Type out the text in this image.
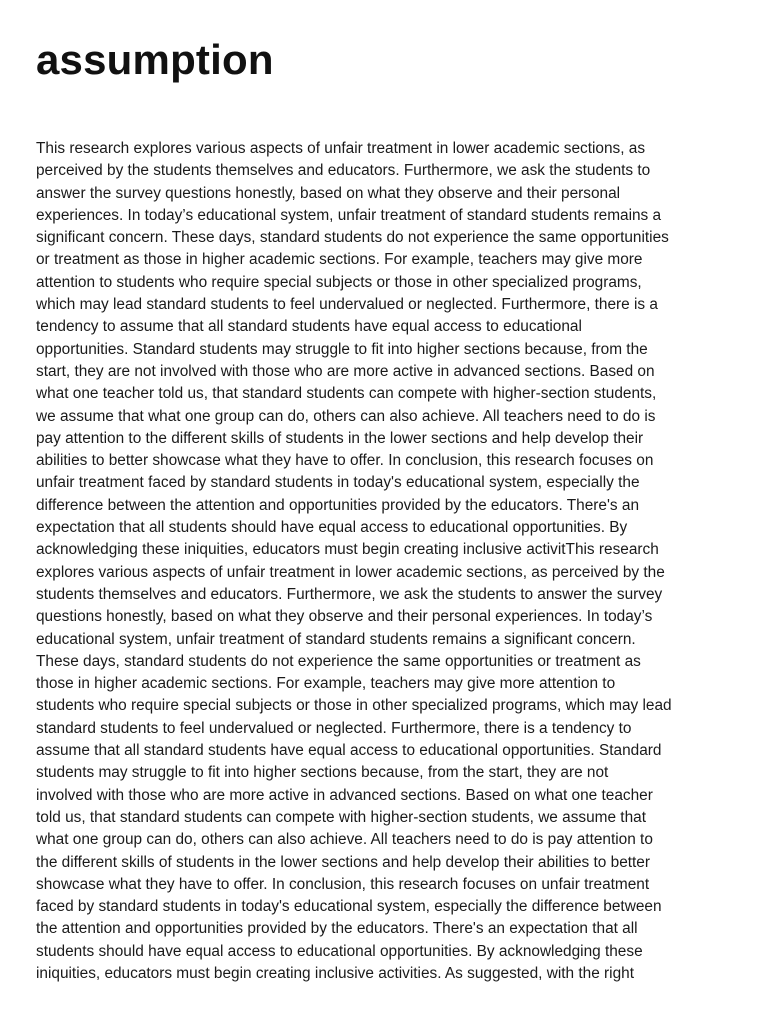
assumption
This research explores various aspects of unfair treatment in lower academic sections, as
perceived by the students themselves and educators. Furthermore, we ask the students to
answer the survey questions honestly, based on what they observe and their personal
experiences. In today’s educational system, unfair treatment of standard students remains a
significant concern. These days, standard students do not experience the same opportunities
or treatment as those in higher academic sections. For example, teachers may give more
attention to students who require special subjects or those in other specialized programs,
which may lead standard students to feel undervalued or neglected. Furthermore, there is a
tendency to assume that all standard students have equal access to educational
opportunities. Standard students may struggle to fit into higher sections because, from the
start, they are not involved with those who are more active in advanced sections. Based on
what one teacher told us, that standard students can compete with higher-section students,
we assume that what one group can do, others can also achieve. All teachers need to do is
pay attention to the different skills of students in the lower sections and help develop their
abilities to better showcase what they have to offer. In conclusion, this research focuses on
unfair treatment faced by standard students in today's educational system, especially the
difference between the attention and opportunities provided by the educators. There's an
expectation that all students should have equal access to educational opportunities. By
acknowledging these iniquities, educators must begin creating inclusive activitThis research
explores various aspects of unfair treatment in lower academic sections, as perceived by the
students themselves and educators. Furthermore, we ask the students to answer the survey
questions honestly, based on what they observe and their personal experiences. In today’s
educational system, unfair treatment of standard students remains a significant concern.
These days, standard students do not experience the same opportunities or treatment as
those in higher academic sections. For example, teachers may give more attention to
students who require special subjects or those in other specialized programs, which may lead
standard students to feel undervalued or neglected. Furthermore, there is a tendency to
assume that all standard students have equal access to educational opportunities. Standard
students may struggle to fit into higher sections because, from the start, they are not
involved with those who are more active in advanced sections. Based on what one teacher
told us, that standard students can compete with higher-section students, we assume that
what one group can do, others can also achieve. All teachers need to do is pay attention to
the different skills of students in the lower sections and help develop their abilities to better
showcase what they have to offer. In conclusion, this research focuses on unfair treatment
faced by standard students in today's educational system, especially the difference between
the attention and opportunities provided by the educators. There's an expectation that all
students should have equal access to educational opportunities. By acknowledging these
iniquities, educators must begin creating inclusive activities. As suggested, with the right
